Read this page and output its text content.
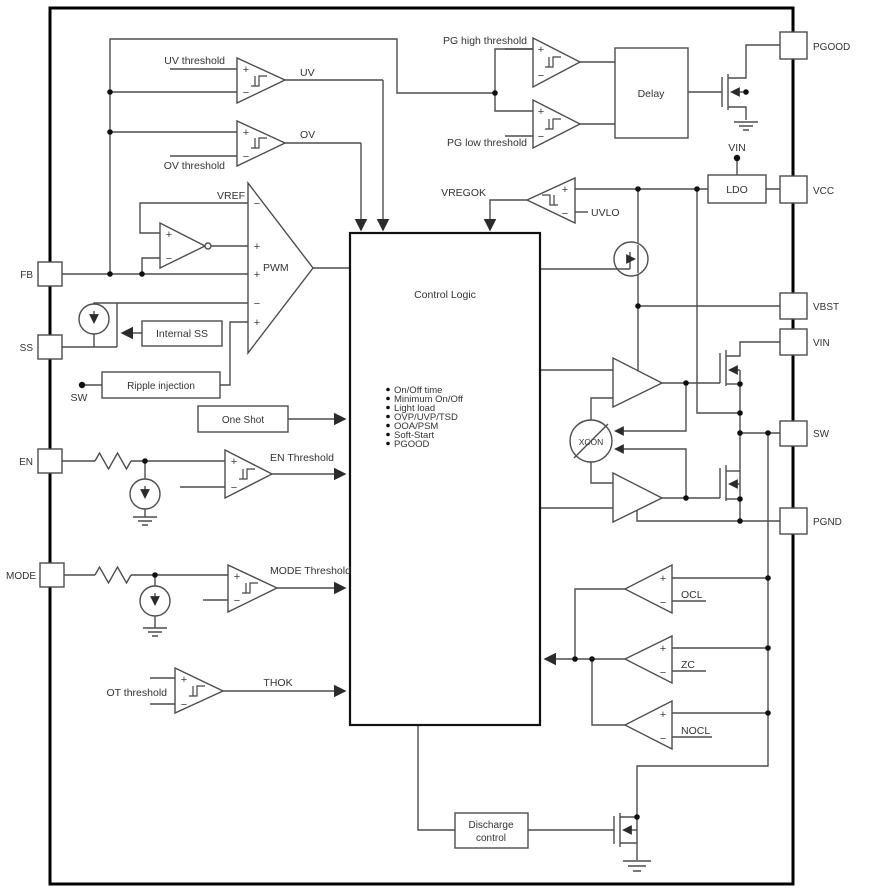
Delay
LDO
Internal SS
Ripple injection
One Shot
Discharge
control
Control Logic
On/Off time
Minimum On/Off
Light load
OVP/UVP/TSD
OOA/PSM
Soft-Start
PGOOD
+
−
+
−
+
−
+
−
+
−
+
−
−
+
+
−
+
+
−
+
−
+
−
+
−
+
−
+
−
XCON
FB
SS
EN
MODE
PGOOD
VCC
VBST
VIN
SW
PGND
UV threshold
UV
OV threshold
OV
PG high threshold
PG low threshold	VIN
VREF
PWM
VREGOK
UVLO
SW
EN Threshold
MODE Threshold
OT threshold
THOK
OCL
ZC
NOCL
